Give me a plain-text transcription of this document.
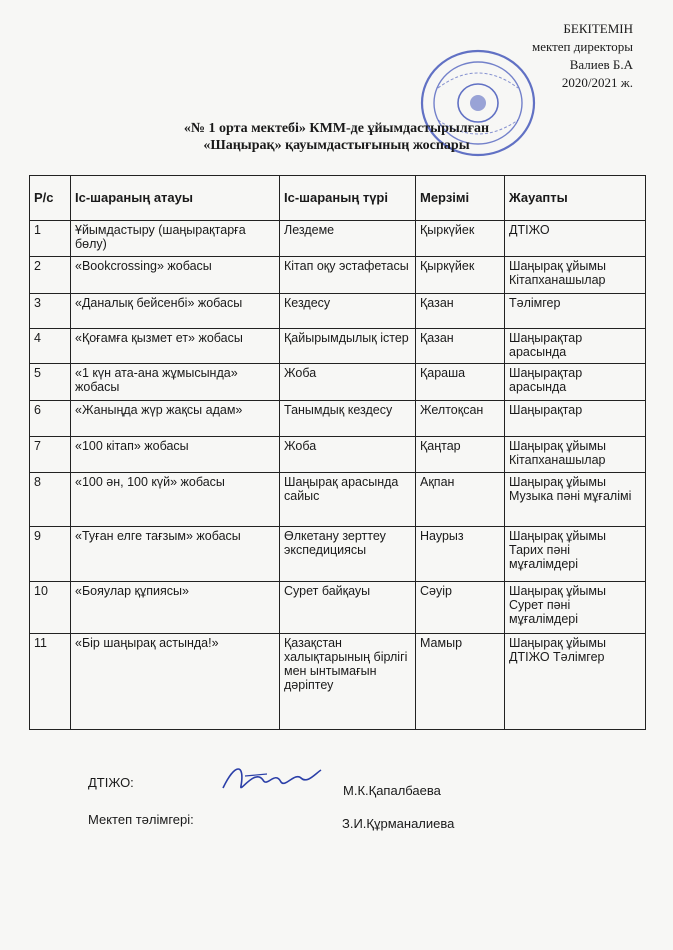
БЕКІТЕМІН
мектеп директоры
Валиев Б.А
2020/2021 ж.
«№ 1 орта мектебі» КММ-де ұйымдастырылған
«Шаңырақ» қауымдастығының жоспары
Р/с	Іс-шараның атауы	Іс-шараның түрі	Мерзімі	Жауапты
1	Ұйымдастыру (шаңырақтарға бөлу)	Лездеме	Қыркүйек	ДТІЖО
2	«Bookcrossing» жобасы	Кітап оқу эстафетасы	Қыркүйек	Шаңырақ ұйымы Кітапханашылар
3	«Даналық бейсенбі» жобасы	Кездесу	Қазан	Тәлімгер
4	«Қоғамға қызмет ет» жобасы	Қайырымдылық істер	Қазан	Шаңырақтар арасында
5	«1 күн ата-ана жұмысында» жобасы	Жоба	Қараша	Шаңырақтар арасында
6	«Жаныңда жүр жақсы адам»	Танымдық кездесу	Желтоқсан	Шаңырақтар
7	«100 кітап» жобасы	Жоба	Қаңтар	Шаңырақ ұйымы Кітапханашылар
8	«100 ән, 100 күй» жобасы	Шаңырақ арасында сайыс	Ақпан	Шаңырақ ұйымы Музыка пәні мұғалімі
9	«Туған елге тағзым» жобасы	Өлкетану зерттеу экспедициясы	Наурыз	Шаңырақ ұйымы Тарих пәні мұғалімдері
10	«Бояулар құпиясы»	Сурет байқауы	Сәуір	Шаңырақ ұйымы Сурет пәні мұғалімдері
11	«Бір шаңырақ астында!»	Қазақстан халықтарының бірлігі мен ынтымағын дәріптеу	Мамыр	Шаңырақ ұйымы ДТІЖО Тәлімгер
ДТІЖО:
М.К.Қапалбаева
Мектеп тәлімгері:	З.И.Құрманалиева
